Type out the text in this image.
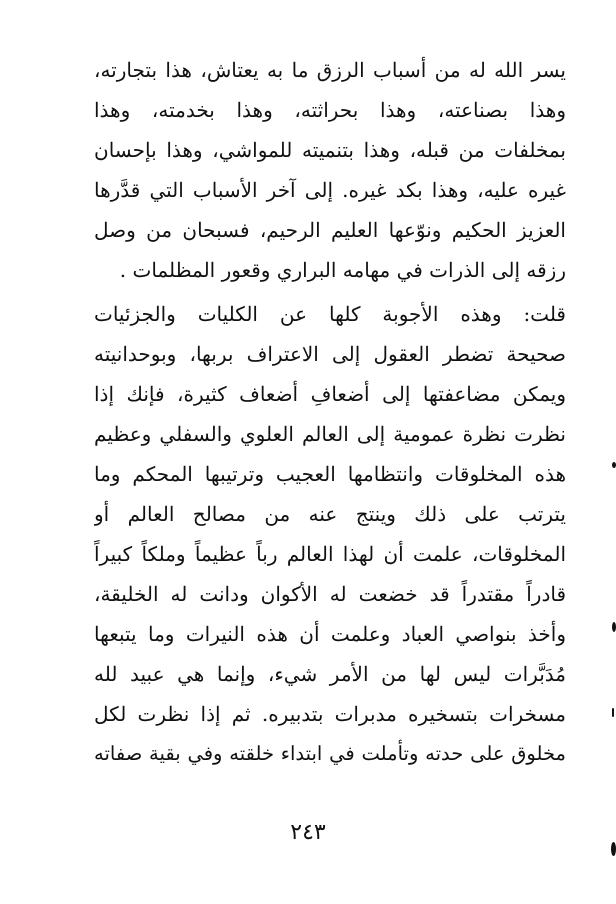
يسر الله له من أسباب الرزق ما به يعتاش، هذا بتجارته،
وهذا بصناعته، وهذا بحراثته، وهذا بخدمته، وهذا
بمخلفات من قبله، وهذا بتنميته للمواشي، وهذا بإحسان
غيره عليه، وهذا بكد غيره. إلى آخر الأسباب التي قدَّرها
العزيز الحكيم ونوّعها العليم الرحيم، فسبحان من وصل
رزقه إلى الذرات في مهامه البراري وقعور المظلمات .

قلت: وهذه الأجوبة كلها عن الكليات والجزئيات
صحيحة تضطر العقول إلى الاعتراف بربها، وبوحدانيته
ويمكن مضاعفتها إلى أضعافِ أضعاف كثيرة، فإنك إذا
نظرت نظرة عمومية إلى العالم العلوي والسفلي وعظيم
هذه المخلوقات وانتظامها العجيب وترتيبها المحكم وما
يترتب على ذلك وينتج عنه من مصالح العالم أو
المخلوقات، علمت أن لهذا العالم رباً عظيماً وملكاً كبيراً
قادراً مقتدراً قد خضعت له الأكوان ودانت له الخليقة،
وأخذ بنواصي العباد وعلمت أن هذه النيرات وما يتبعها
مُدَبَّرات ليس لها من الأمر شيء، وإنما هي عبيد لله
مسخرات بتسخيره مدبرات بتدبيره. ثم إذا نظرت لكل
مخلوق على حدته وتأملت في ابتداء خلقته وفي بقية صفاته

٢٤٣
